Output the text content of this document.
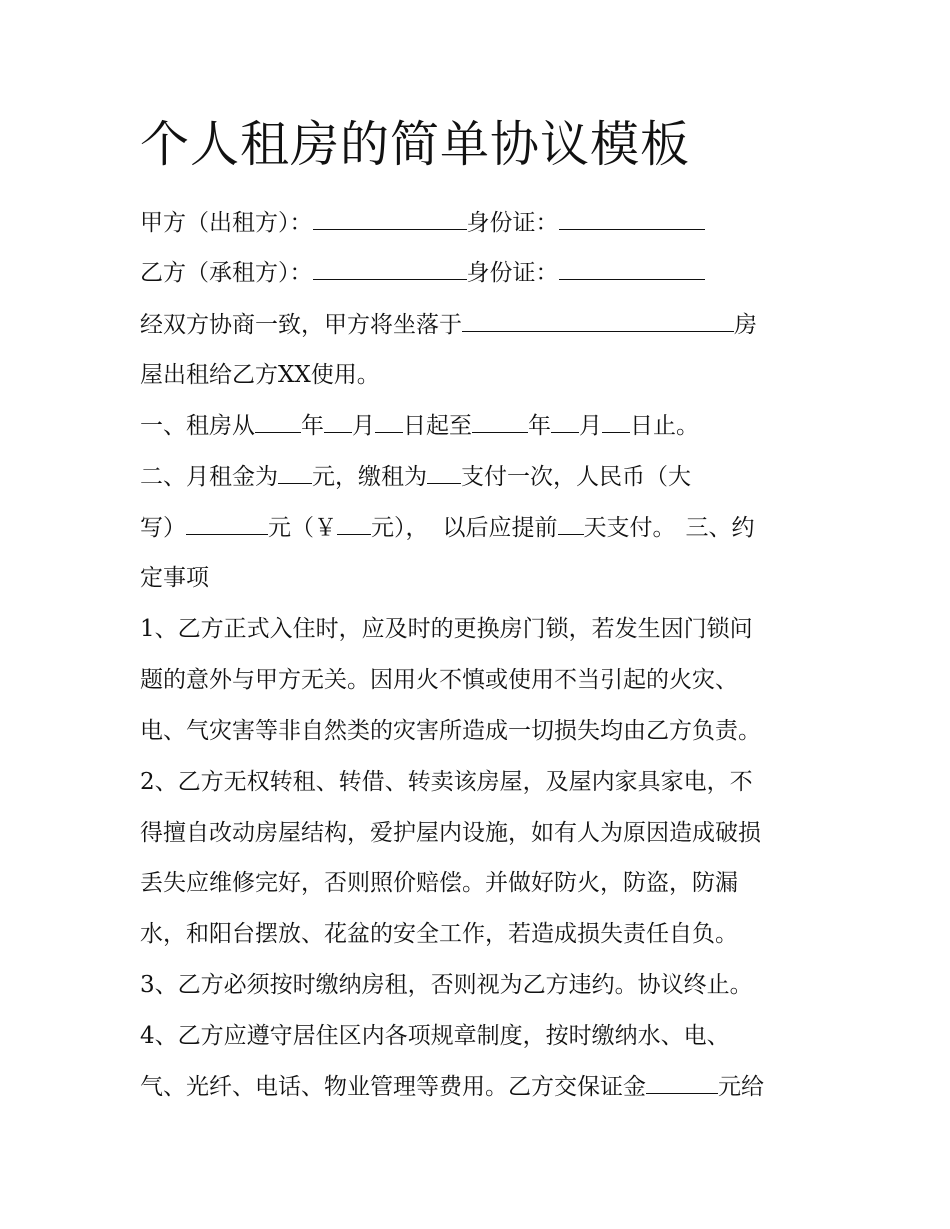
个人租房的简单协议模板
甲方（出租方）：	身份证：
乙方（承租方）：	身份证：
经双方协商一致，甲方将坐落于	房
屋出租给乙方XX使用。
一、租房从 年 月 日起至 年 月 日止。
二、月租金为 元，缴租为 支付一次，人民币（大
写）	元（￥ 元）， 以后应提前 天支付。 三、约
定事项
1、乙方正式入住时，应及时的更换房门锁，若发生因门锁问
题的意外与甲方无关。因用火不慎或使用不当引起的火灾、
电、气灾害等非自然类的灾害所造成一切损失均由乙方负责。
2、乙方无权转租、转借、转卖该房屋，及屋内家具家电，不
得擅自改动房屋结构，爱护屋内设施，如有人为原因造成破损
丢失应维修完好，否则照价赔偿。并做好防火，防盗，防漏
水，和阳台摆放、花盆的安全工作，若造成损失责任自负。
3、乙方必须按时缴纳房租，否则视为乙方违约。协议终止。
4、乙方应遵守居住区内各项规章制度，按时缴纳水、电、
气、光纤、电话、物业管理等费用。乙方交保证金	元给
